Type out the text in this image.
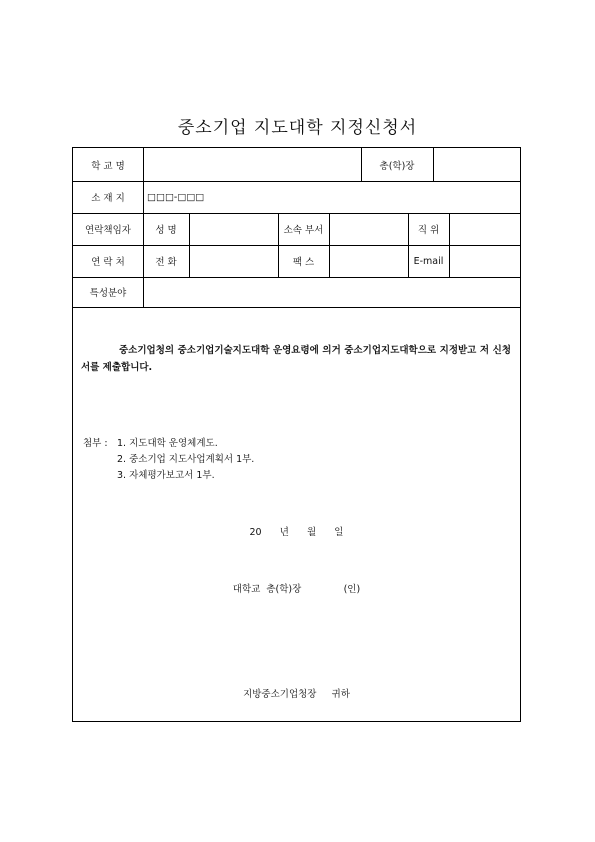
중소기업 지도대학 지정신청서
학 교 명	총(학)장
소 재 지	□□□-□□□
연락책임자	성 명	소속 부서	직 위
연 락 처	전 화	팩 스	E-mail
특성분야
중소기업청의 중소기업기술지도대학 운영요령에 의거 중소기업지도대학으로 지정받고 저 신청서를 제출합니다.
첨부 : 1. 지도대학 운영체계도.
2. 중소기업 지도사업계획서 1부.
3. 자체평가보고서 1부.
20      년      월      일
대학교  총(학)장              (인)
지방중소기업청장     귀하
